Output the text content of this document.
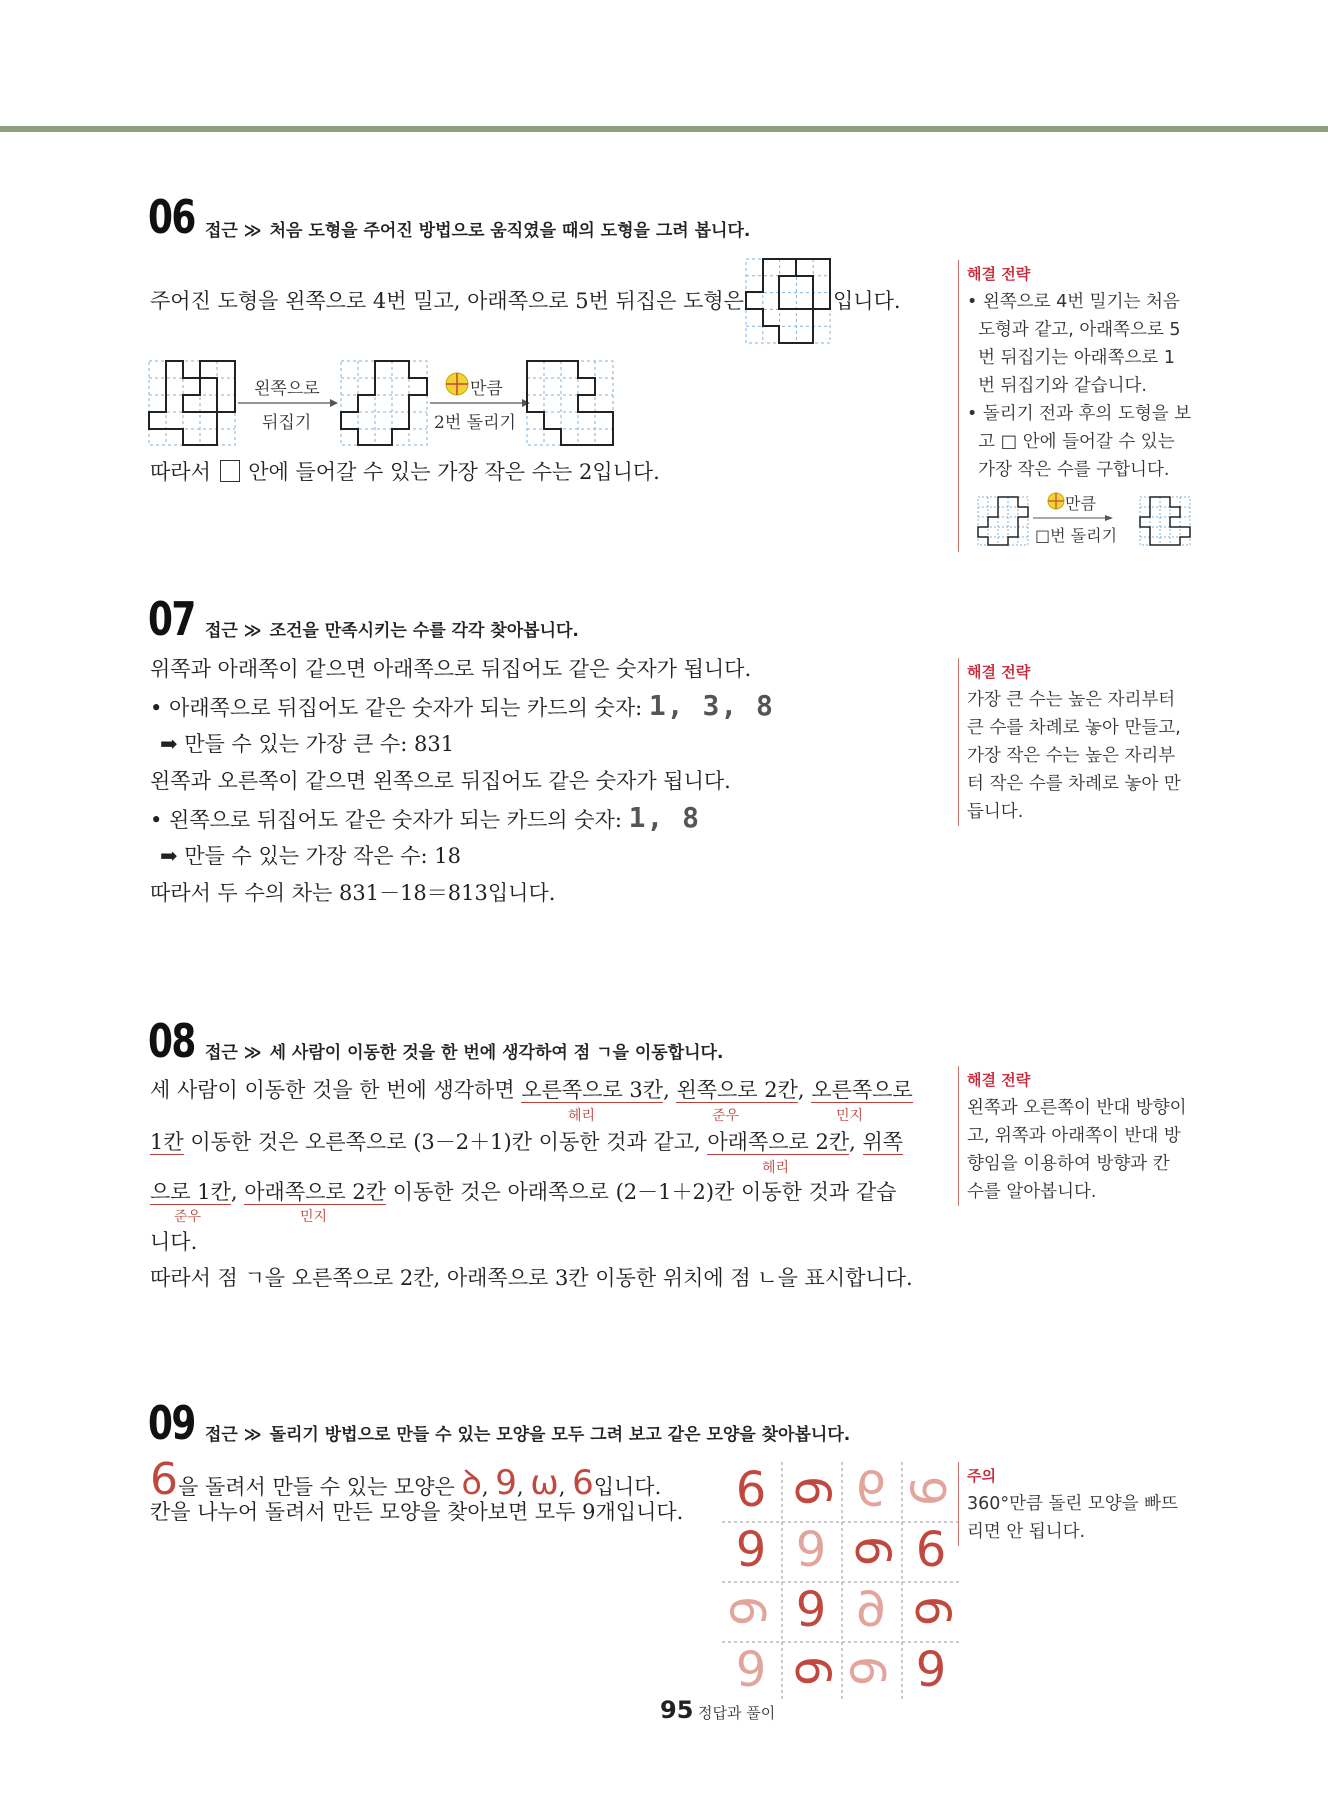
06 접근 ≫ 처음 도형을 주어진 방법으로 움직였을 때의 도형을 그려 봅니다.
주어진 도형을 왼쪽으로 4번 밀고, 아래쪽으로 5번 뒤집은 도형은	입니다.
왼쪽으로
뒤집기
만큼
2번 돌리기
따라서 안에 들어갈 수 있는 가장 작은 수는 2입니다.
해결 전략

• 왼쪽으로 4번 밀기는 처음

도형과 같고, 아래쪽으로 5

번 뒤집기는 아래쪽으로 1

번 뒤집기와 같습니다.

• 돌리기 전과 후의 도형을 보

고 □ 안에 들어갈 수 있는

가장 작은 수를 구합니다.

만큼
□번 돌리기
07 접근 ≫ 조건을 만족시키는 수를 각각 찾아봅니다.
위쪽과 아래쪽이 같으면 아래쪽으로 뒤집어도 같은 숫자가 됩니다.
• 아래쪽으로 뒤집어도 같은 숫자가 되는 카드의 숫자: 1, 3, 8
➡ 만들 수 있는 가장 큰 수: 831
왼쪽과 오른쪽이 같으면 왼쪽으로 뒤집어도 같은 숫자가 됩니다.
• 왼쪽으로 뒤집어도 같은 숫자가 되는 카드의 숫자: 1, 8
➡ 만들 수 있는 가장 작은 수: 18
따라서 두 수의 차는 831－18＝813입니다.
해결 전략

가장 큰 수는 높은 자리부터

큰 수를 차례로 놓아 만들고,

가장 작은 수는 높은 자리부

터 작은 수를 차례로 놓아 만

듭니다.

08 접근 ≫ 세 사람이 이동한 것을 한 번에 생각하여 점 ㄱ을 이동합니다.
세 사람이 이동한 것을 한 번에 생각하면 오른쪽으로 3칸, 왼쪽으로 2칸, 오른쪽으로
헤리	준우	민지
1칸 이동한 것은 오른쪽으로 (3－2＋1)칸 이동한 것과 같고, 아래쪽으로 2칸, 위쪽
헤리
으로 1칸, 아래쪽으로 2칸 이동한 것은 아래쪽으로 (2－1＋2)칸 이동한 것과 같습
준우	민지
니다.
따라서 점 ㄱ을 오른쪽으로 2칸, 아래쪽으로 3칸 이동한 위치에 점 ㄴ을 표시합니다.
해결 전략

왼쪽과 오른쪽이 반대 방향이

고, 위쪽과 아래쪽이 반대 방

향임을 이용하여 방향과 칸

수를 알아봅니다.

09 접근 ≫ 돌리기 방법으로 만들 수 있는 모양을 모두 그려 보고 같은 모양을 찾아봅니다.
6을 돌려서 만들 수 있는 모양은 ꝺ, 9, ω, 6입니다.
칸을 나누어 돌려서 만든 모양을 찾아보면 모두 9개입니다. 6 6 9 6
9 9 6 6
9 9 6 6
9 6 9 9
주의

360°만큼 돌린 모양을 빠뜨

리면 안 됩니다.

95 정답과 풀이
